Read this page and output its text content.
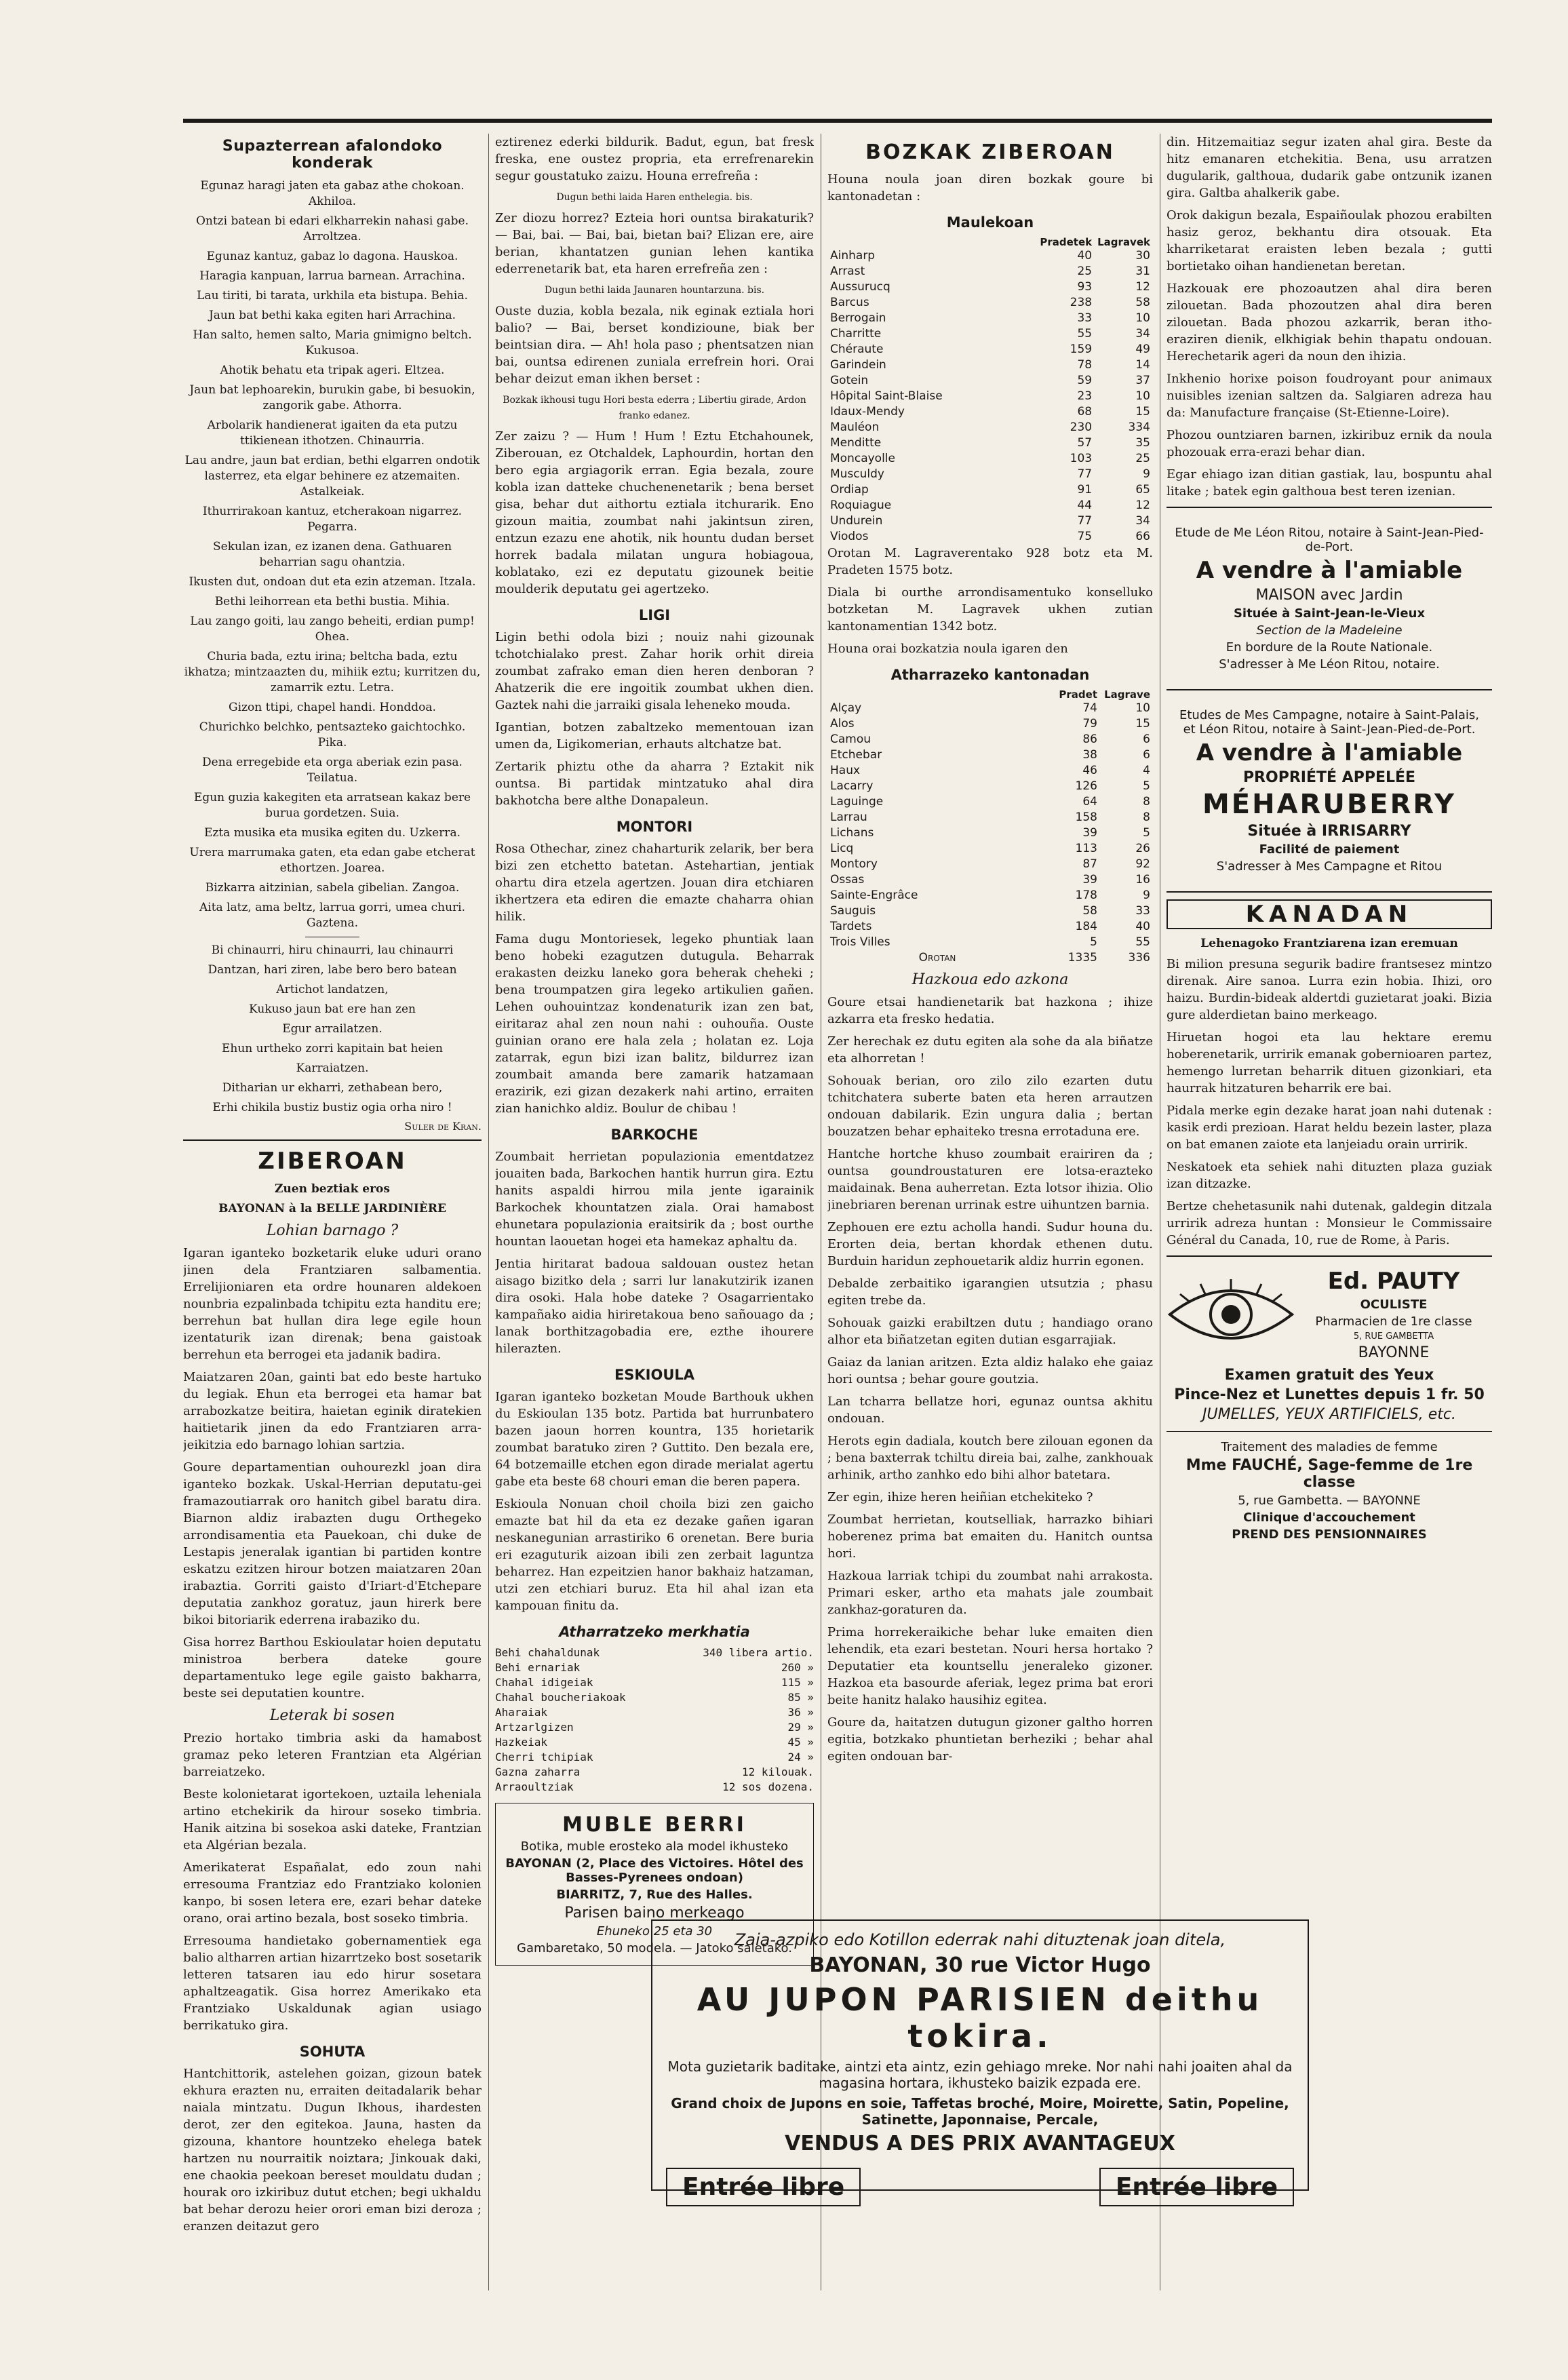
Supazterrean afalondoko konderak
Egunaz haragi jaten eta gabaz athe chokoan. Akhiloa.
Ontzi batean bi edari elkharrekin nahasi gabe. Arroltzea.
Egunaz kantuz, gabaz lo dagona. Hauskoa.
Haragia kanpuan, larrua barnean. Arrachina.
Lau tiriti, bi tarata, urkhila eta bistupa. Behia.
Jaun bat bethi kaka egiten hari Arrachina.
Han salto, hemen salto, Maria gnimigno beltch. Kukusoa.
Ahotik behatu eta tripak ageri. Eltzea.
Jaun bat lephoarekin, burukin gabe, bi besuokin, zangorik gabe. Athorra.
Arbolarik handienerat igaiten da eta putzu ttikienean ithotzen. Chinaurria.
Lau andre, jaun bat erdian, bethi elgarren ondotik lasterrez, eta elgar behinere ez atzemaiten. Astalkeiak.
Ithurrirakoan kantuz, etcherakoan nigarrez. Pegarra.
Sekulan izan, ez izanen dena. Gathuaren beharrian sagu ohantzia.
Ikusten dut, ondoan dut eta ezin atzeman. Itzala.
Bethi leihorrean eta bethi bustia. Mihia.
Lau zango goiti, lau zango beheiti, erdian pump! Ohea.
Churia bada, eztu irina; beltcha bada, eztu ikhatza; mintzaazten du, mihiik eztu; kurritzen du, zamarrik eztu. Letra.
Gizon ttipi, chapel handi. Honddoa.
Churichko belchko, pentsazteko gaichtochko. Pika.
Dena erregebide eta orga aberiak ezin pasa. Teilatua.
Egun guzia kakegiten eta arratsean kakaz bere burua gordetzen. Suia.
Ezta musika eta musika egiten du. Uzkerra.
Urera marrumaka gaten, eta edan gabe etcherat ethortzen. Joarea.
Bizkarra aitzinian, sabela gibelian. Zangoa.
Aita latz, ama beltz, larrua gorri, umea churi. Gaztena.
Bi chinaurri, hiru chinaurri, lau chinaurri
Dantzan, hari ziren, labe bero bero batean
Artichot landatzen,
Kukuso jaun bat ere han zen
Egur arrailatzen.
Ehun urtheko zorri kapitain bat heien
Karraiatzen.
Ditharian ur ekharri, zethabean bero,
Erhi chikila bustiz bustiz ogia orha niro !
Suler de Kran.
ZIBEROAN
Zuen beztiak eros
BAYONAN à la BELLE JARDINIÈRE
Lohian barnago ?

Igaran iganteko bozketarik eluke uduri orano jinen dela Frantziaren salbamentia. Errelijioniaren eta ordre hounaren aldekoen nounbria ezpalinbada tchipitu ezta handitu ere; berrehun bat hullan dira lege egile houn izentaturik izan direnak; bena gaistoak berrehun eta berrogei eta jadanik badira.

Maiatzaren 20an, gainti bat edo beste hartuko du legiak. Ehun eta berrogei eta hamar bat arrabozkatze beitira, haietan eginik diratekien haitietarik jinen da edo Frantziaren arra-jeikitzia edo barnago lohian sartzia.

Goure departamentian ouhourezkl joan dira iganteko bozkak. Uskal-Herrian deputatu-gei framazoutiarrak oro hanitch gibel baratu dira. Biarnon aldiz irabazten dugu Orthegeko arrondisamentia eta Pauekoan, chi duke de Lestapis jeneralak igantian bi partiden kontre eskatzu ezitzen hirour botzen maiatzaren 20an irabaztia. Gorriti gaisto d'Iriart-d'Etcheparе deputatia zankhoz goratuz, jaun hirerk bere bikoi bitoriarik ederrena irabaziko du.

Gisa horrez Barthou Eskioulatar hoien deputatu ministroa berbera dateke goure departamentuko lege egile gaisto bakharra, beste sei deputatien kountre.

Leterak bi sosen

Prezio hortako timbria aski da hamabost gramaz peko leteren Frantzian eta Algérian barreiatzeko.

Beste kolonietarat igortekoen, uztaila lehenialа artino etchekirik da hirour sosеko timbria. Hanik aitzina bi sosekoa aski dateke, Frantzian eta Algérian bezala.

Amerikaterat Españalat, edo zoun nahi erresouma Frantziaz edo Frantziako kolonien kanpo, bi sosen letera ere, ezari behar dateke orano, orai artino bezala, bost soseko timbria.

Erresouma handietako gobernamentiek ega balio altharren artian hizarrtzeko bost sosetarik letteren tatsaren iau edo hirur sosetara aphaltzeagatik. Gisa horrez Amerikako eta Frantziako Uskaldunak agian usiago berrikatuko gira.

SOHUTA

Hantchittorik, astelehen goizan, gizoun batek ekhura erazten nu, erraiten deitadalarik behar naiala mintzatu. Dugun Ikhous, ihardesten derot, zer den egitekoa. Jauna, hasten da gizouna, khantore hountzeko ehelega batek hartzen nu nourraitik noiztara; Jinkouak daki, ene chaokia peekoan bereset mouldatu dudan ; hourak oro izkiribuz dutut etchen; begi ukhaldu bat behar derozu heier orori eman bizi deroza ; eranzen deitazut gero

eztirenez ederki bildurik. Badut, egun, bat fresk freska, ene oustez propria, eta errefrenarekin segur goustatuko zaizu. Houna errefreña :

Dugun bethi laida Haren enthelegia. bis.

Zer diozu horrez? Ezteia hori ountsa birakaturik? — Bai, bai. — Bai, bai, bietan bai? Elizan ere, aire berian, khantatzen gunian lehen kantika ederrenetarik bat, eta haren errefreña zen :

Dugun bethi laida Jaunaren hountarzuna. bis.

Ouste duzia, kobla bezala, nik eginak eztiala hori balio? — Bai, berset kondizioune, biak ber beintsian dira. — Ah! hola paso ; phentsatzen nian bai, ountsa edirenen zuniala errefrein hori. Orai behar deizut eman ikhen berset :

Bozkak ikhousi tugu Hori besta ederra ; Libertiu girade, Ardon franko edanez.

Zer zaizu ? — Hum ! Hum ! Eztu Etchahounek, Ziberouan, ez Otchaldek, Laphourdin, hortan den bero egia argiagorik erran. Egia bezala, zoure kobla izan datteke chuchenenetarik ; bena berset gisa, behar dut aithortu eztiala itchurarik. Eno gizoun maitia, zoumbat nahi jakintsun ziren, entzun ezazu ene ahotik, nik hountu dudan berset horrek badala milatan ungura hobiagoua, koblatako, ezi ez deputatu gizounek beitie moulderik deputatu gei agertzeko.

LIGI

Ligin bethi odola bizi ; nouiz nahi gizounak tchotchialako prest. Zahar horik orhit direia zoumbat zafrako eman dien heren denboran ? Ahatzerik die ere ingoitik zoumbat ukhen dien. Gaztek nahi die jarraiki gisala leheneko mouda.

Igantian, botzen zabaltzeko mementouan izan umen da, Ligikomerian, erhauts altchatze bat.

Zertarik phiztu othe da aharra ? Eztakit nik ountsa. Bi partidak mintzatuko ahal dira bakhotcha bere althe Donapaleun.

MONTORI

Rosa Othechar, zinez chaharturik zelarik, ber bera bizi zen etchetto batetan. Astehartian, jentiak ohartu dira etzela agertzen. Jouan dira etchiaren ikhertzera eta ediren die emazte chaharra ohian hilik.

Fama dugu Montoriesek, legeko phuntiak laan beno hobeki ezagutzen dutugula. Beharrak erakasten deizku laneko gora beherak cheheki ; bena troumpatzen gira legeko artikulien gañen. Lehen ouhouintzaz kondenaturik izan zen bat, eiritaraz ahal zen noun nahi : ouhouña. Ouste guinian orano ere hala zela ; holatan ez. Loja zatarrak, egun bizi izan balitz, bildurrez izan zoumbait amanda bere zamarik hatzamaan erazirik, ezi gizan dezakerk nahi artino, erraiten zian hanichko aldiz. Boulur de chibau !

BARKOCHE

Zoumbait herrietan populazionia ementdatzez jouaiten bada, Barkochen hantik hurrun gira. Eztu hanits aspaldi hirrou mila jente igarainik Barkochek khountatzen ziala. Orai hamabost ehunetara populazionia eraitsirik da ; bost ourthe hountan laouetan hogei eta hamekaz aphaltu da.

Jentia hiritarat badoua saldouan oustez hetan aisago bizitko dela ; sarri lur lanakutzirik izanen dira osoki. Hala hobe dateke ? Osagarrientako kampañako aidia hiriretakoua beno sañouago da ; lanak borthitzagobadia ere, ezthe ihourere hilerazten.

ESKIOULA

Igaran iganteko bozketan Moude Barthouk ukhen du Eskioulan 135 botz. Partida bat hurrunbatero bazen jaoun horren kountra, 135 horietarik zoumbat baratuko ziren ? Guttito. Den bezala ere, 64 botzemaille etchen egon dirade merialat agertu gabe eta beste 68 chouri eman die beren papera.

Eskioula Nonuan choil choila bizi zen gaicho emazte bat hil da eta ez dezake gañen igaran neskanegunian arrastiriko 6 orenetan. Bere buria eri ezaguturik aizoan ibili zen zerbait laguntza beharrez. Han ezpeitzien hanor bakhaiz hatzaman, utzi zen etchiari buruz. Eta hil ahal izan eta kampouan finitu da.

Atharratzeko merkhatia
Behi chahaldunak	340 libera artio.
Behi ernariak	260 »
Chahal idigeiak	115 »
Chahal boucheriakoak	85 »
Aharaiak	36 »
Artzarlgizen	29 »
Hazkeiak	45 »
Cherri tchipiak	24 »
Gazna zaharra	12 kilouak.
Arraoultziak	12 sos dozena.
MUBLE BERRI
Botika, muble erosteko ala model ikhusteko
BAYONAN (2, Place des Victoires. Hôtel des Basses-Pyrenees ondoan)
BIARRITZ, 7, Rue des Halles.
Parisen baino merkeago
Ehuneko 25 eta 30
Gambaretako, 50 modela. — Jatoko saletako.
BOZKAK ZIBEROAN

Houna noula joan diren bozkak goure bi kantonadetan :

Maulekoan
	Pradetek	Lagravek
Ainharp	40	30
Arrast	25	31
Aussurucq	93	12
Barcus	238	58
Berrogain	33	10
Charritte	55	34
Chéraute	159	49
Garindein	78	14
Gotein	59	37
Hôpital Saint-Blaise	23	10
Idaux-Mendy	68	15
Mauléon	230	334
Menditte	57	35
Moncayolle	103	25
Musculdy	77	9
Ordiap	91	65
Roquiague	44	12
Undurein	77	34
Viodos	75	66

Orotan M. Lagraverentako 928 botz eta M. Pradeten 1575 botz.

Diala bi ourthe arrondisamentuko konselluko botzketan M. Lagravek ukhen zutian kantonamentian 1342 botz.

Houna orai bozkatzia noula igaren den

Atharrazeko kantonadan
	Pradet	Lagrave
Alçay	74	10
Alos	79	15
Camou	86	6
Etchebar	38	6
Haux	46	4
Lacarry	126	5
Laguinge	64	8
Larrau	158	8
Lichans	39	5
Licq	113	26
Montory	87	92
Ossas	39	16
Sainte-Engrâce	178	9
Sauguis	58	33
Tardets	184	40
Trois Villes	5	55
Orotan	1335	336
Hazkoua edo azkona

Goure etsai handienetarik bat hazkona ; ihize azkarra eta fresko hedatia.

Zer herechak ez dutu egiten ala sohe da ala biñatze eta alhorretan !

Sohouak berian, oro zilo zilo ezarten dutu tchitchatera suberte baten eta heren arrautzen ondouan dabilarik. Ezin ungura dalia ; bertan bouzatzen behar ephaiteko tresna errotaduna ere.

Hantche hortche khuso zoumbait erairiren da ; ountsa goundroustaturen ere lotsa-erazteko maidainak. Bena auherretan. Ezta lotsor ihizia. Olio jinebriaren berenan urrinak estre uihuntzen barnia.

Zephouen ere eztu acholla handi. Sudur houna du. Erorten deia, bertan khordak ethenen dutu. Burduin haridun zephouetarik aldiz hurrin egonen.

Debaldе zerbaitiko igarangien utsutzia ; phasu egiten trebe da.

Sohouak gaizki erabiltzen dutu ; handiago orano alhor eta biñatzetan egiten dutian esgarrajiak.

Gaiaz da lanian aritzen. Ezta aldiz halako ehe gaiaz hori ountsa ; behar goure goutzia.

Lan tcharra bellatze hori, egunaz ountsa akhitu ondouan.

Herots egin dadiala, koutch bere zilouan egonen da ; bena baxterrak tchiltu direia bai, zalhe, zankhouak arhinik, artho zanhko edo bihi alhor batetara.

Zer egin, ihize heren heiñian etchekiteko ?

Zoumbat herrietan, koutselliak, harrazko bihiari hoberenez prima bat emaiten du. Hanitch ountsa hori.

Hazkoua larriak tchipi du zoumbat nahi arrakosta. Primari esker, artho eta mahats jale zoumbait zankhaz-goraturen da.

Prima horrekeraikiche behar luke emaiten dien lehendik, eta ezari bestetan. Nouri hersa hortako ? Deputatier eta kountsellu jeneraleko gizoner. Hazkoa eta basourde aferiak, legez prima bat erori beite hanitz halako hausihiz egitea.

Goure da, haitatzen dutugun gizoner galtho horren egitia, botzkako phuntietan berheziki ; behar ahal egiten ondouan bar-

din. Hitzemaitiaz segur izaten ahal gira. Beste da hitz emanaren etchekitia. Bena, usu arratzen dugularik, galthoua, dudarik gabe ontzunik izanen gira. Galtba ahalkerik gabe.

Orok dakigun bezala, Espaiñoulak phozou erabilten hasiz geroz, bekhantu dira otsouak. Eta kharriketarat eraisten leben bezala ; gutti bortietako oihan handienetan beretan.

Hazkouak ere phozoautzen ahal dira beren zilouetan. Bada phozoutzen ahal dira beren zilouetan. Bada phozou azkarrik, beran itho-eraziren dienik, elkhigiak behin thapatu ondouan. Herechetarik ageri da noun den ihizia.

Inkhenio horixe poison foudroyant pour animaux nuisibles izenian saltzen da. Salgiaren adreza hau da: Manufacture française (St-Etienne-Loire).

Phozou ountziaren barnen, izkiribuz ernik da noula phozouak erra-erazi behar dian.

Egar ehiago izan ditian gastiak, lau, bospuntu ahal litake ; batek egin galthoua best teren izenian.

Etude de Me Léon Ritou, notaire à Saint-Jean-Pied-de-Port.
A vendre à l'amiable
MAISON avec Jardin
Située à Saint-Jean-le-Vieux
Section de la Madeleine
En bordure de la Route Nationale.
S'adresser à Me Léon Ritou, notaire.
Etudes de Mes Campagne, notaire à Saint-Palais, et Léon Ritou, notaire à Saint-Jean-Pied-de-Port.
A vendre à l'amiable
PROPRIÉTÉ APPELÉE
MÉHARUBERRY
Située à IRRISARRY
Facilité de paiement
S'adresser à Mes Campagne et Ritou
KANADAN
Lehenagoko Frantziarena izan eremuan

Bi milion presuna segurik badire frantsesez mintzo direnak. Aire sanoa. Lurra ezin hobia. Ihizi, oro haizu. Burdin-bideak aldertdi guzietarat joaki. Bizia gure alderdietan baino merkeago.

Hiruetan hogoi eta lau hektare eremu hoberenetarik, urririk emanak gobernioaren partez, hemengo lurretan beharrik dituen gizonkiari, eta haurrak hitzaturen beharrik ere bai.

Pidala merke egin dezake harat joan nahi dutenak : kasik erdi prezioan. Harat heldu bezein laster, plaza on bat emanen zaiote eta lanjeiadu orain urririk.

Neskatoek eta sehiek nahi dituzten plaza guziak izan ditzazke.

Bertze chehetasunik nahi dutenak, galdegin ditzala urririk adreza huntan : Monsieur le Commissaire Général du Canada, 10, rue de Rome, à Paris.

Ed. PAUTY
OCULISTE
Pharmacien de 1re classe
5, RUE GAMBETTA
BAYONNE
Examen gratuit des Yeux
Pince-Nez et Lunettes depuis 1 fr. 50
JUMELLES, YEUX ARTIFICIELS, etc.
Traitement des maladies de femme
Mme FAUCHÉ, Sage-femme de 1re classe
5, rue Gambetta. — BAYONNE
Clinique d'accouchement
PREND DES PENSIONNAIRES
Zaia-azpiko edo Kotillon ederrak nahi dituztenak joan ditela,
BAYONAN, 30 rue Victor Hugo
AU JUPON PARISIEN deithu tokira.
Mota guzietarik baditake, aintzi eta aintz, ezin gehiago mreke. Nor nahi nahi joaiten ahal da magasina hortara, ikhusteko baizik ezpada ere.
Grand choix de Jupons en soie, Taffetas broché, Moire, Moirette, Satin, Popeline, Satinette, Japonnaise, Percale,
VENDUS A DES PRIX AVANTAGEUX
Entrée libre	Entrée libre
